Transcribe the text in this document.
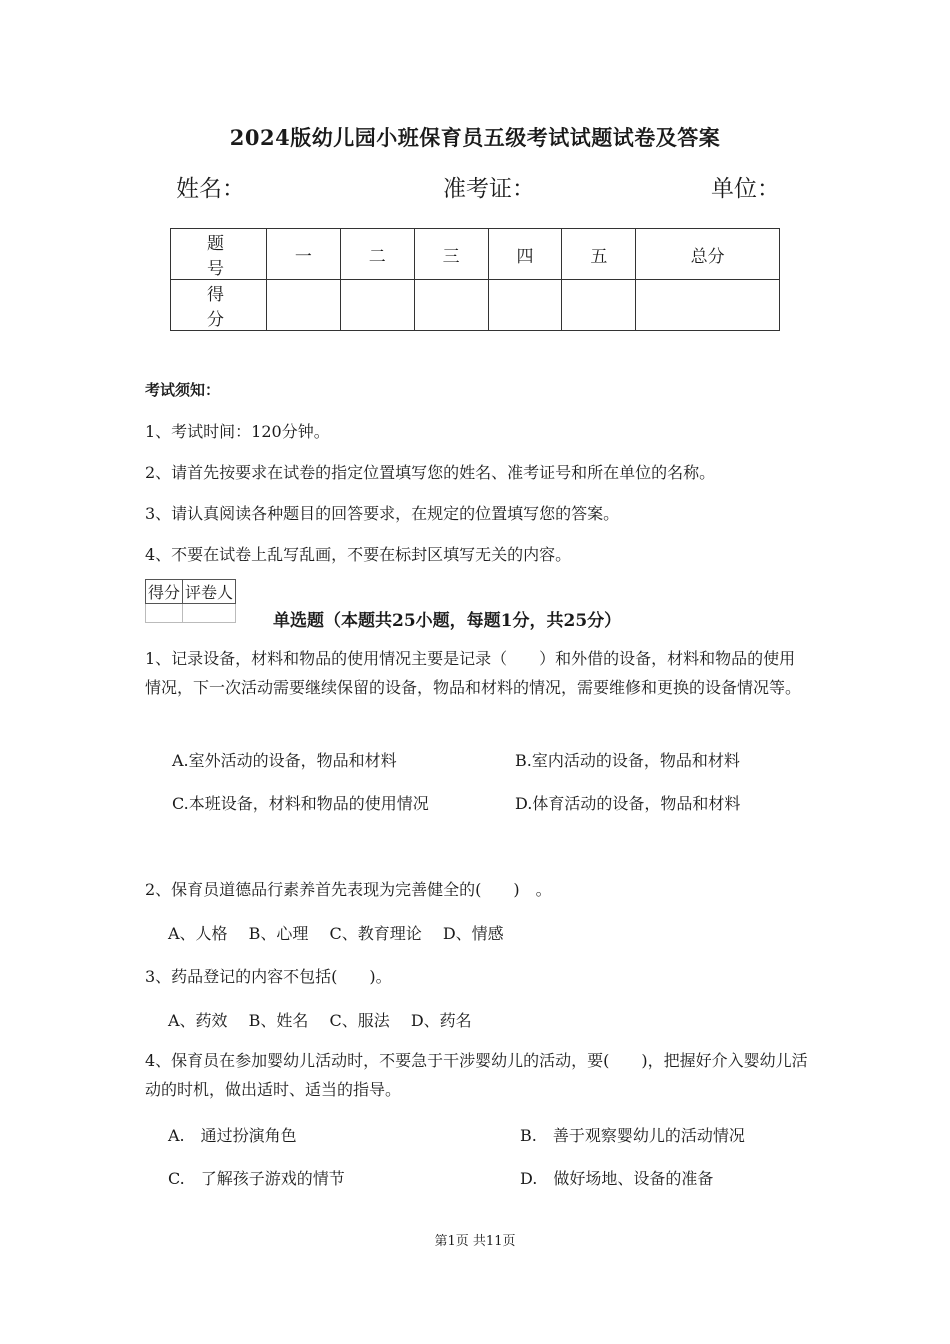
2024版幼儿园小班保育员五级考试试题试卷及答案
姓名：	准考证：	单位：
题　号	一	二	三	四	五	总分
得　分						
考试须知：
1、考试时间：120分钟。
2、请首先按要求在试卷的指定位置填写您的姓名、准考证号和所在单位的名称。
3、请认真阅读各种题目的回答要求，在规定的位置填写您的答案。
4、不要在试卷上乱写乱画，不要在标封区填写无关的内容。
得分	评卷人

单选题（本题共25小题，每题1分，共25分）
1、记录设备，材料和物品的使用情况主要是记录（　　）和外借的设备，材料和物品的使用情况，下一次活动需要继续保留的设备，物品和材料的情况，需要维修和更换的设备情况等。
A.室外活动的设备，物品和材料	B.室内活动的设备，物品和材料
C.本班设备，材料和物品的使用情况	D.体育活动的设备，物品和材料
2、保育员道德品行素养首先表现为完善健全的(　　)　。
A、人格　 B、心理　 C、教育理论　 D、情感
3、药品登记的内容不包括(　　)。
A、药效　 B、姓名　 C、服法　 D、药名
4、保育员在参加婴幼儿活动时，不要急于干涉婴幼儿的活动，要(　　)，把握好介入婴幼儿活动的时机，做出适时、适当的指导。
A.　通过扮演角色	B.　善于观察婴幼儿的活动情况
C.　了解孩子游戏的情节	D.　做好场地、设备的准备
第1页 共11页
